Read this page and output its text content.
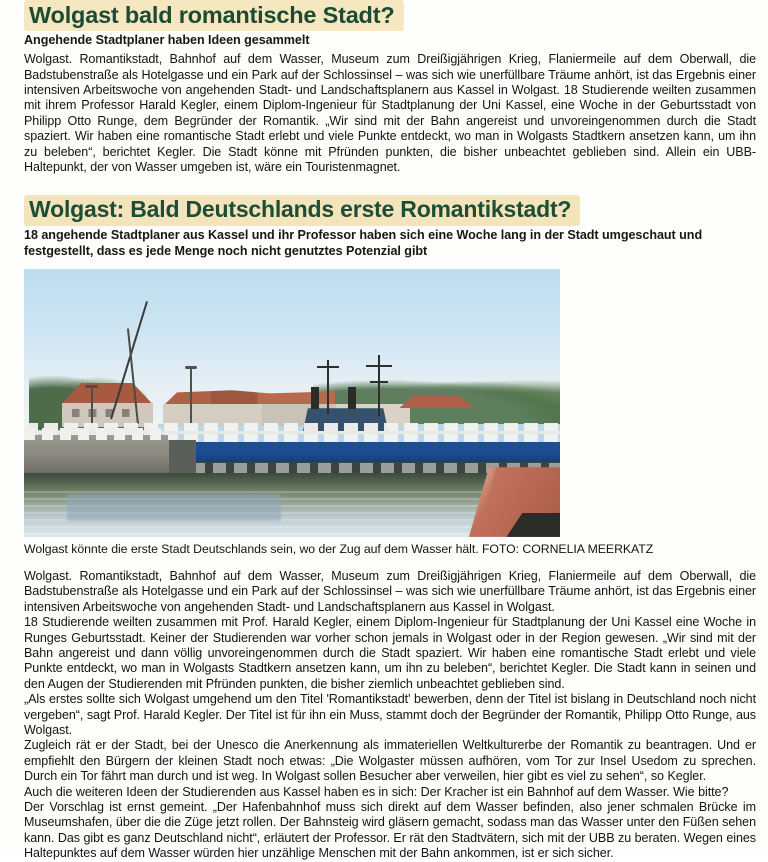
Wolgast bald romantische Stadt?
Angehende Stadtplaner haben Ideen gesammelt

Wolgast. Romantikstadt, Bahnhof auf dem Wasser, Museum zum Dreißigjährigen Krieg, Flaniermeile auf dem Oberwall, die Badstubenstraße als Hotelgasse und ein Park auf der Schlossinsel – was sich wie unerfüllbare Träume anhört, ist das Ergebnis einer intensiven Arbeitswoche von angehenden Stadt- und Landschaftsplanern aus Kassel in Wolgast. 18 Studierende weilten zusammen mit ihrem Professor Harald Kegler, einem Diplom-Ingenieur für Stadtplanung der Uni Kassel, eine Woche in der Geburtsstadt von Philipp Otto Runge, dem Begründer der Romantik. „Wir sind mit der Bahn angereist und unvoreingenommen durch die Stadt spaziert. Wir haben eine romantische Stadt erlebt und viele Punkte entdeckt, wo man in Wolgasts Stadtkern ansetzen kann, um ihn zu beleben“, berichtet Kegler. Die Stadt könne mit Pfründen punkten, die bisher unbeachtet geblieben sind. Allein ein UBB-Haltepunkt, der von Wasser umgeben ist, wäre ein Touristenmagnet.

Wolgast: Bald Deutschlands erste Romantikstadt?
18 angehende Stadtplaner aus Kassel und ihr Professor haben sich eine Woche lang in der Stadt umgeschaut und festgestellt, dass es jede Menge noch nicht genutztes Potenzial gibt
Wolgast könnte die erste Stadt Deutschlands sein, wo der Zug auf dem Wasser hält. FOTO: CORNELIA MEERKATZ

Wolgast. Romantikstadt, Bahnhof auf dem Wasser, Museum zum Dreißigjährigen Krieg, Flaniermeile auf dem Oberwall, die Badstubenstraße als Hotelgasse und ein Park auf der Schlossinsel – was sich wie unerfüllbare Träume anhört, ist das Ergebnis einer intensiven Arbeitswoche von angehenden Stadt- und Landschaftsplanern aus Kassel in Wolgast.

18 Studierende weilten zusammen mit Prof. Harald Kegler, einem Diplom-Ingenieur für Stadtplanung der Uni Kassel eine Woche in Runges Geburtsstadt. Keiner der Studierenden war vorher schon jemals in Wolgast oder in der Region gewesen. „Wir sind mit der Bahn angereist und dann völlig unvoreingenommen durch die Stadt spaziert. Wir haben eine romantische Stadt erlebt und viele Punkte entdeckt, wo man in Wolgasts Stadtkern ansetzen kann, um ihn zu beleben“, berichtet Kegler. Die Stadt kann in seinen und den Augen der Studierenden mit Pfründen punkten, die bisher ziemlich unbeachtet geblieben sind.

„Als erstes sollte sich Wolgast umgehend um den Titel 'Romantikstadt' bewerben, denn der Titel ist bislang in Deutschland noch nicht vergeben“, sagt Prof. Harald Kegler. Der Titel ist für ihn ein Muss, stammt doch der Begründer der Romantik, Philipp Otto Runge, aus Wolgast.

Zugleich rät er der Stadt, bei der Unesco die Anerkennung als immateriellen Weltkulturerbe der Romantik zu beantragen. Und er empfiehlt den Bürgern der kleinen Stadt noch etwas: „Die Wolgaster müssen aufhören, vom Tor zur Insel Usedom zu sprechen. Durch ein Tor fährt man durch und ist weg. In Wolgast sollen Besucher aber verweilen, hier gibt es viel zu sehen“, so Kegler.

Auch die weiteren Ideen der Studierenden aus Kassel haben es in sich: Der Kracher ist ein Bahnhof auf dem Wasser. Wie bitte?

Der Vorschlag ist ernst gemeint. „Der Hafenbahnhof muss sich direkt auf dem Wasser befinden, also jener schmalen Brücke im Museumshafen, über die die Züge jetzt rollen. Der Bahnsteig wird gläsern gemacht, sodass man das Wasser unter den Füßen sehen kann. Das gibt es ganz Deutschland nicht“, erläutert der Professor. Er rät den Stadtvätern, sich mit der UBB zu beraten. Wegen eines Haltepunktes auf dem Wasser würden hier unzählige Menschen mit der Bahn ankommen, ist er sich sicher.
